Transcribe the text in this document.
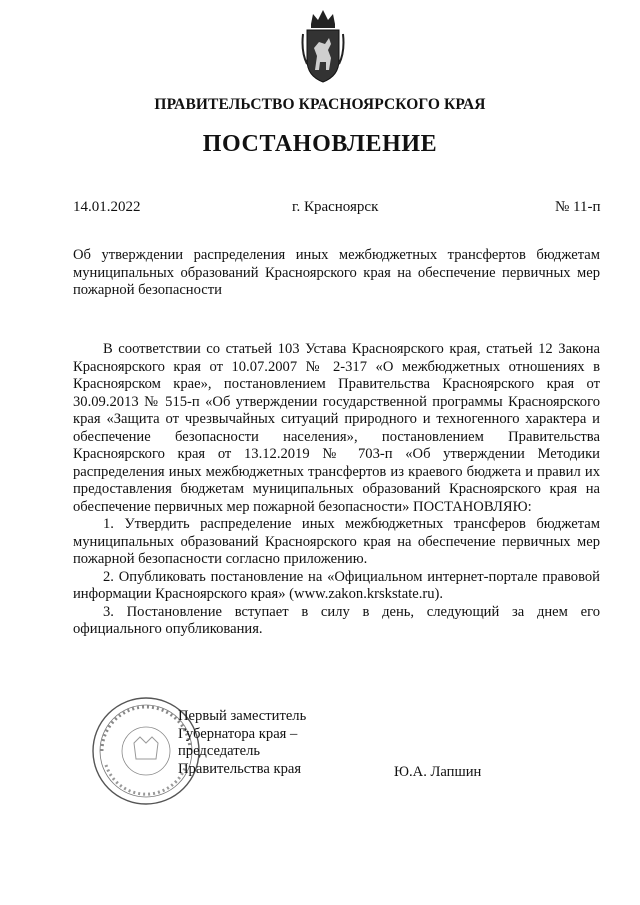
ПРАВИТЕЛЬСТВО КРАСНОЯРСКОГО КРАЯ
ПОСТАНОВЛЕНИЕ
14.01.2022	г. Красноярск	№ 11-п
Об утверждении распределения иных межбюджетных трансфертов бюджетам муниципальных образований Красноярского края на обеспечение первичных мер пожарной безопасности

В соответствии со статьей 103 Устава Красноярского края, статьей 12 Закона Красноярского края от 10.07.2007 № 2-317 «О межбюджетных отношениях в Красноярском крае», постановлением Правительства Красноярского края от 30.09.2013 № 515-п «Об утверждении государственной программы Красноярского края «Защита от чрезвычайных ситуаций природного и техногенного характера и обеспечение безопасности населения», постановлением Правительства Красноярского края от 13.12.2019 № 703-п «Об утверждении Методики распределения иных межбюджетных трансфертов из краевого бюджета и правил их предоставления бюджетам муниципальных образований Красноярского края на обеспечение первичных мер пожарной безопасности» ПОСТАНОВЛЯЮ:

1. Утвердить распределение иных межбюджетных трансферов бюджетам муниципальных образований Красноярского края на обеспечение первичных мер пожарной безопасности согласно приложению.

2. Опубликовать постановление на «Официальном интернет-портале правовой информации Красноярского края» (www.zakon.krskstate.ru).

3. Постановление вступает в силу в день, следующий за днем его официального опубликования.

Первый заместитель
Губернатора края –
председатель
Правительства края	Ю.А. Лапшин
